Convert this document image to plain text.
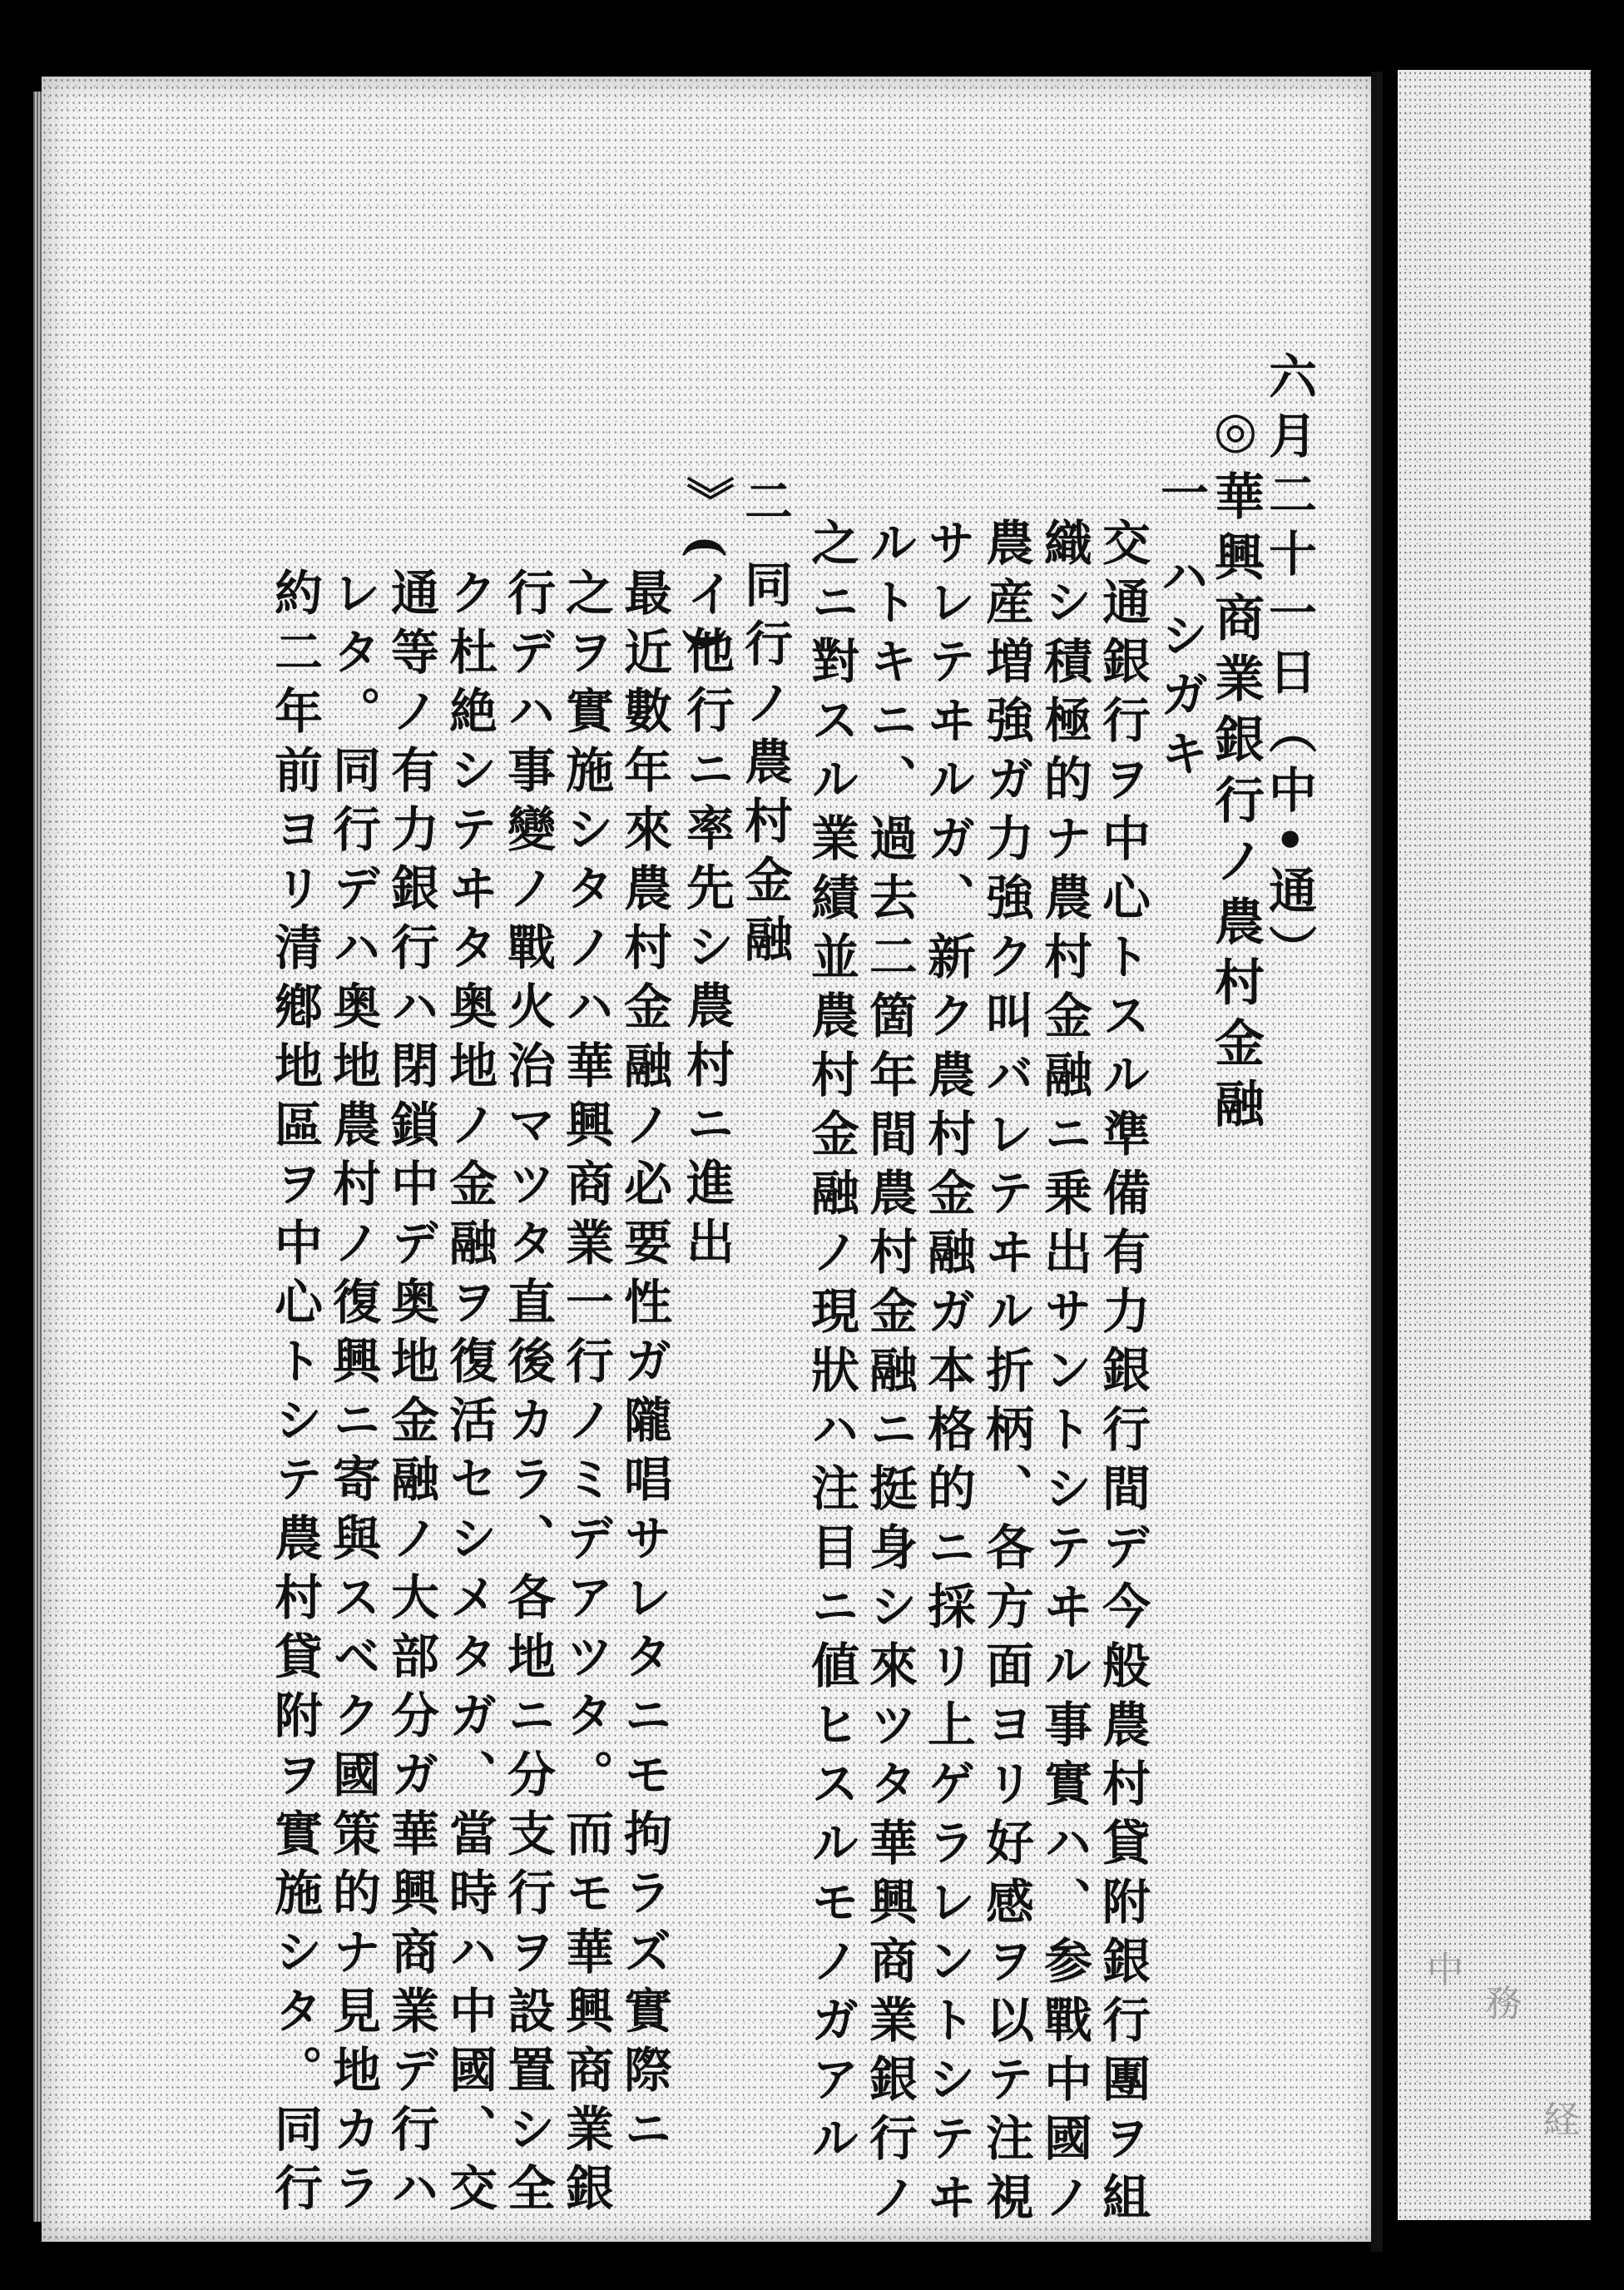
六月二十一日（中•通）
◎華興商業銀行ノ農村金融
一
ハシガキ
交通銀行ヲ中心トスル準備有力銀行間デ今般農村貸附銀行團ヲ組
織シ積極的ナ農村金融ニ乗出サントシテヰル事實ハ、参戰中國ノ
農産増強ガ力強ク叫バレテヰル折柄、各方面ヨリ好感ヲ以テ注視
サレテヰルガ、新ク農村金融ガ本格的ニ採リ上ゲラレントシテヰ
ルトキニ、過去二箇年間農村金融ニ挺身シ來ツタ華興商業銀行ノ
之ニ對スル業績並農村金融ノ現狀ハ注目ニ値ヒスルモノガアル
二
同行ノ農村金融
》(イ)
他行ニ率先シ農村ニ進出
最近數年來農村金融ノ必要性ガ隴唱サレタニモ拘ラズ實際ニ
之ヲ實施シタノハ華興商業一行ノミデアツタ。而モ華興商業銀
行デハ事變ノ戰火治マツタ直後カラ、各地ニ分支行ヲ設置シ全
ク杜絶シテヰタ奥地ノ金融ヲ復活セシメタガ、當時ハ中國、交
通等ノ有力銀行ハ閉鎖中デ奥地金融ノ大部分ガ華興商業デ行ハ
レタ。同行デハ奥地農村ノ復興ニ寄與スベク國策的ナ見地カラ
約二年前ヨリ清鄕地區ヲ中心トシテ農村貸附ヲ實施シタ。同行	中
務
経
